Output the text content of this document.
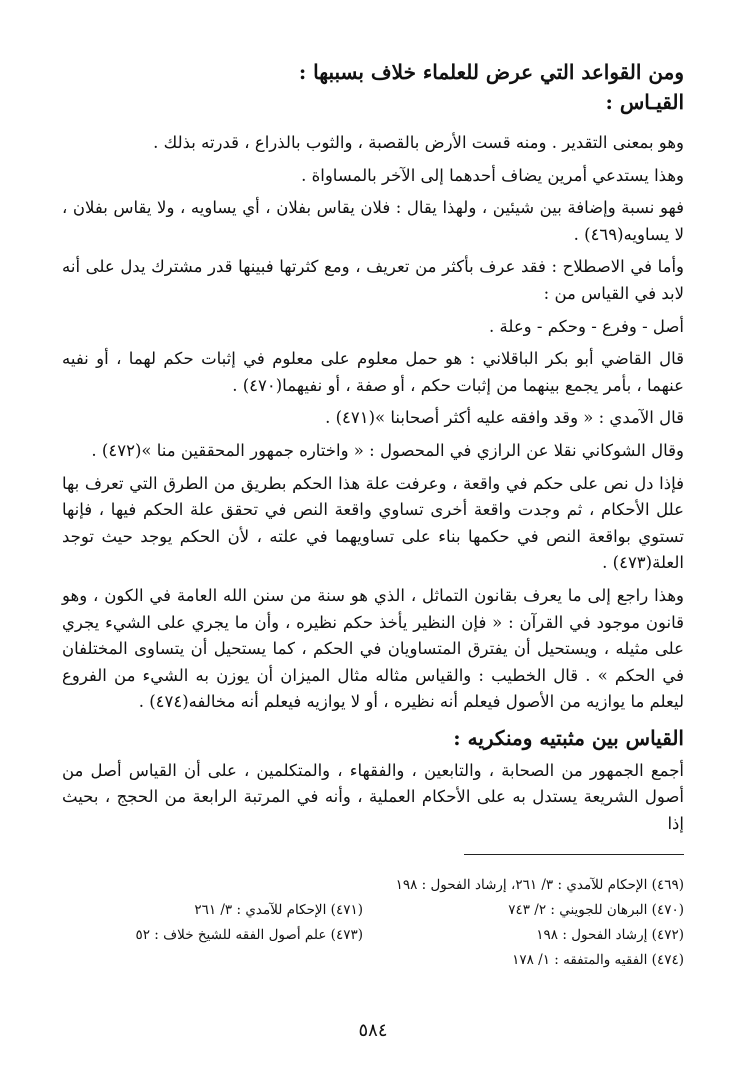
ومن القواعد التي عرض للعلماء خلاف بسببها :
القيـاس :
وهو بمعنى التقدير . ومنه قست الأرض بالقصبة ، والثوب بالذراع ، قدرته بذلك .
وهذا يستدعي أمرين يضاف أحدهما إلى الآخر بالمساواة .
فهو نسبة وإضافة بين شيئين ، ولهذا يقال : فلان يقاس بفلان ، أي يساويه ، ولا يقاس بفلان ، لا يساويه(٤٦٩) .
وأما في الاصطلاح : فقد عرف بأكثر من تعريف ، ومع كثرتها فبينها قدر مشترك يدل على أنه لابد في القياس من :
أصل - وفرع - وحكم - وعلة .
قال القاضي أبو بكر الباقلاني : هو حمل معلوم على معلوم في إثبات حكم لهما ، أو نفيه عنهما ، بأمر يجمع بينهما من إثبات حكم ، أو صفة ، أو نفيهما(٤٧٠) .
قال الآمدي : « وقد وافقه عليه أكثر أصحابنا »(٤٧١) .
وقال الشوكاني نقلا عن الرازي في المحصول : « واختاره جمهور المحققين منا »(٤٧٢) .
فإذا دل نص على حكم في واقعة ، وعرفت علة هذا الحكم بطريق من الطرق التي تعرف بها علل الأحكام ، ثم وجدت واقعة أخرى تساوي واقعة النص في تحقق علة الحكم فيها ، فإنها تستوي بواقعة النص في حكمها بناء على تساويهما في علته ، لأن الحكم يوجد حيث توجد العلة(٤٧٣) .
وهذا راجع إلى ما يعرف بقانون التماثل ، الذي هو سنة من سنن الله العامة في الكون ، وهو قانون موجود في القرآن : « فإن النظير يأخذ حكم نظيره ، وأن ما يجري على الشيء يجري على مثيله ، ويستحيل أن يفترق المتساويان في الحكم ، كما يستحيل أن يتساوى المختلفان في الحكم » . قال الخطيب : والقياس مثاله مثال الميزان أن يوزن به الشيء من الفروع ليعلم ما يوازيه من الأصول فيعلم أنه نظيره ، أو لا يوازيه فيعلم أنه مخالفه(٤٧٤) .
القياس بين مثبتيه ومنكريه :
أجمع الجمهور من الصحابة ، والتابعين ، والفقهاء ، والمتكلمين ، على أن القياس أصل من أصول الشريعة يستدل به على الأحكام العملية ، وأنه في المرتبة الرابعة من الحجج ، بحيث إذا
(٤٦٩) الإحكام للآمدي : ٣/ ٢٦١، إرشاد الفحول : ١٩٨
(٤٧٠) البرهان للجويني : ٢/ ٧٤٣
(٤٧١) الإحكام للآمدي : ٣/ ٢٦١
(٤٧٢) إرشاد الفحول : ١٩٨
(٤٧٣) علم أصول الفقه للشيخ خلاف : ٥٢
(٤٧٤) الفقيه والمتفقه : ١/ ١٧٨
٥٨٤
